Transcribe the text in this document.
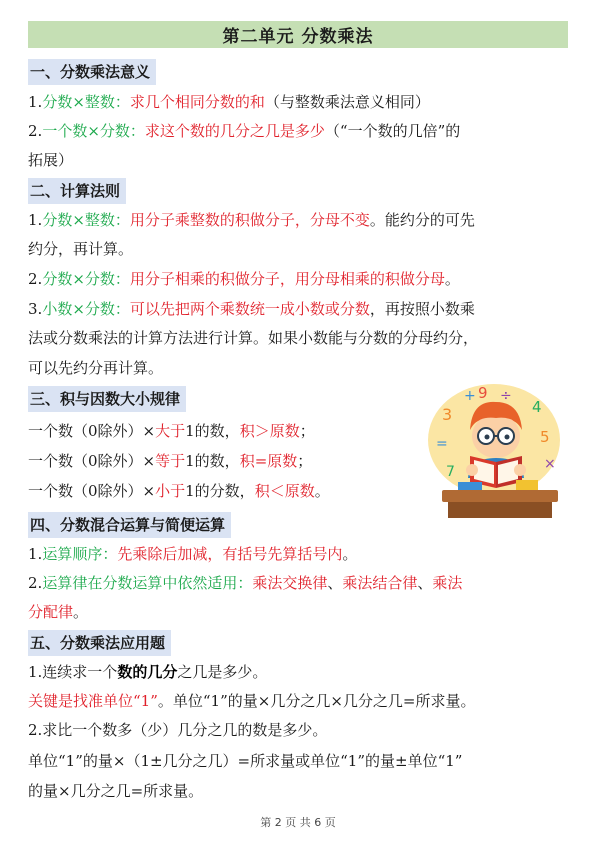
第二单元 分数乘法
一、分数乘法意义
1.分数×整数：求几个相同分数的和（与整数乘法意义相同）
2.一个数×分数：求这个数的几分之几是多少（“一个数的几倍”的
拓展）
二、计算法则
1.分数×整数：用分子乘整数的积做分子，分母不变。能约分的可先
约分，再计算。
2.分数×分数：用分子相乘的积做分子，用分母相乘的积做分母。
3.小数×分数：可以先把两个乘数统一成小数或分数，再按照小数乘
法或分数乘法的计算方法进行计算。如果小数能与分数的分母约分，
可以先约分再计算。
三、积与因数大小规律
一个数（0除外）×大于1的数，积＞原数；
一个数（0除外）×等于1的数，积=原数；
一个数（0除外）×小于1的分数，积＜原数。
3
+ 9 ÷
4
=	5
×
7
四、分数混合运算与简便运算
1.运算顺序：先乘除后加减，有括号先算括号内。
2.运算律在分数运算中依然适用：乘法交换律、乘法结合律、乘法
分配律。
五、分数乘法应用题
1.连续求一个数的几分之几是多少。
关键是找准单位“1”。单位“1”的量×几分之几×几分之几=所求量。
2.求比一个数多（少）几分之几的数是多少。
单位“1”的量×（1±几分之几）=所求量或单位“1”的量±单位“1”
的量×几分之几=所求量。
第 2 页 共 6 页
